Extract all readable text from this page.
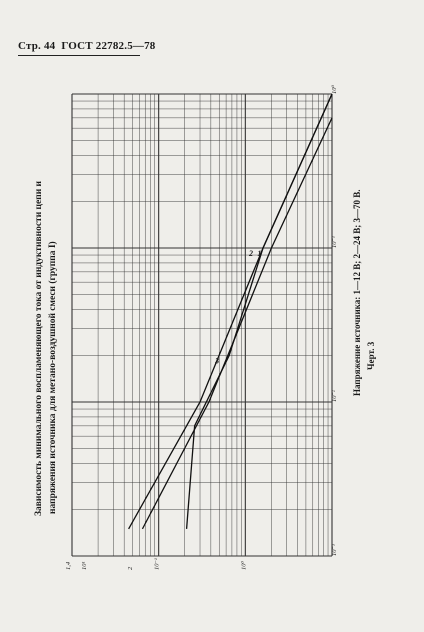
Стр. 44 ГОСТ 22782.5—78
Зависимость минимального воспламеняющего тока от индуктивности цепи и напряжения источника для метано-воздушной смеси (группа I)	Напряжение источника: 1—12 В; 2—24 В; 3—70 В. Черт. 3
1
2
3
10⁻³
10⁻²
10⁻¹
10⁰
1,4 10¹	2	10⁰
10⁻¹
